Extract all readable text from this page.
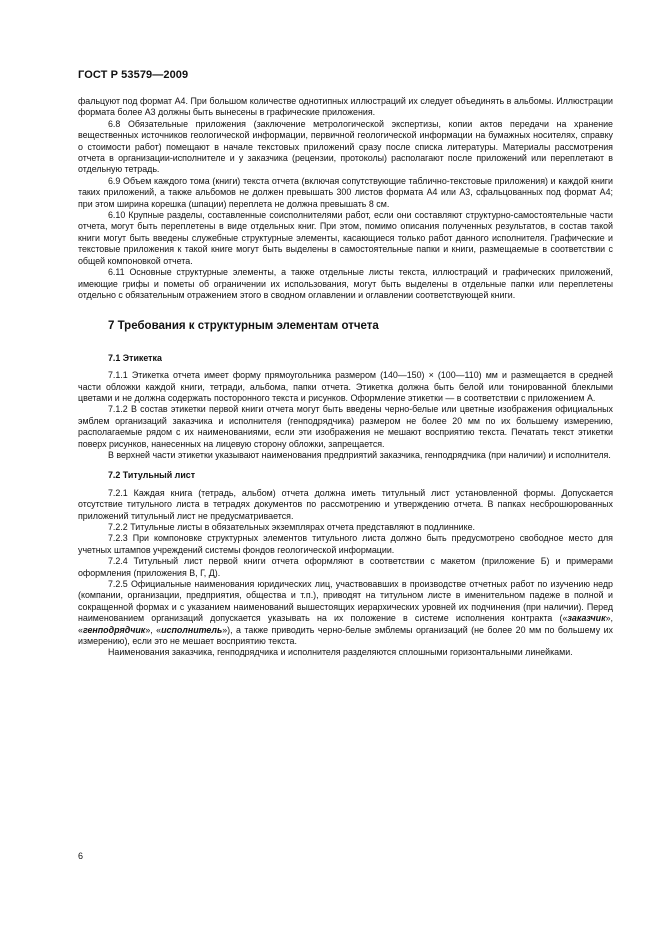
ГОСТ Р 53579—2009

фальцуют под формат А4. При большом количестве однотипных иллюстраций их следует объединять в альбомы. Иллюстрации формата более А3 должны быть вынесены в графические приложения.

6.8 Обязательные приложения (заключение метрологической экспертизы, копии актов передачи на хранение вещественных источников геологической информации, первичной геологической информации на бумажных носителях, справку о стоимости работ) помещают в начале текстовых приложений сразу после списка литературы. Материалы рассмотрения отчета в организации-исполнителе и у заказчика (рецензии, протоколы) располагают после приложений или переплетают в отдельную тетрадь.

6.9 Объем каждого тома (книги) текста отчета (включая сопутствующие таблично-текстовые приложения) и каждой книги таких приложений, а также альбомов не должен превышать 300 листов формата А4 или А3, сфальцованных под формат А4; при этом ширина корешка (шпации) переплета не должна превышать 8 см.

6.10 Крупные разделы, составленные соисполнителями работ, если они составляют структурно-самостоятельные части отчета, могут быть переплетены в виде отдельных книг. При этом, помимо описания полученных результатов, в состав такой книги могут быть введены служебные структурные элементы, касающиеся только работ данного исполнителя. Графические и текстовые приложения к такой книге могут быть выделены в самостоятельные папки и книги, размещаемые в соответствии с общей компоновкой отчета.

6.11 Основные структурные элементы, а также отдельные листы текста, иллюстраций и графических приложений, имеющие грифы и пометы об ограничении их использования, могут быть выделены в отдельные папки или переплетены отдельно с обязательным отражением этого в сводном оглавлении и оглавлении соответствующей книги.

7 Требования к структурным элементам отчета
7.1 Этикетка

7.1.1 Этикетка отчета имеет форму прямоугольника размером (140—150) × (100—110) мм и размещается в средней части обложки каждой книги, тетради, альбома, папки отчета. Этикетка должна быть белой или тонированной блеклыми цветами и не должна содержать посторонного текста и рисунков. Оформление этикетки — в соответствии с приложением А.

7.1.2 В состав этикетки первой книги отчета могут быть введены черно-белые или цветные изображения официальных эмблем организаций заказчика и исполнителя (генподрядчика) размером не более 20 мм по их большему измерению, располагаемые рядом с их наименованиями, если эти изображения не мешают восприятию текста. Печатать текст этикетки поверх рисунков, нанесенных на лицевую сторону обложки, запрещается.

В верхней части этикетки указывают наименования предприятий заказчика, генподрядчика (при наличии) и исполнителя.

7.2 Титульный лист

7.2.1 Каждая книга (тетрадь, альбом) отчета должна иметь титульный лист установленной формы. Допускается отсутствие титульного листа в тетрадях документов по рассмотрению и утверждению отчета. В папках несброшюрованных приложений титульный лист не предусматривается.

7.2.2 Титульные листы в обязательных экземплярах отчета представляют в подлиннике.

7.2.3 При компоновке структурных элементов титульного листа должно быть предусмотрено свободное место для учетных штампов учреждений системы фондов геологической информации.

7.2.4 Титульный лист первой книги отчета оформляют в соответствии с макетом (приложение Б) и примерами оформления (приложения В, Г, Д).

7.2.5 Официальные наименования юридических лиц, участвовавших в производстве отчетных работ по изучению недр (компании, организации, предприятия, общества и т.п.), приводят на титульном листе в именительном падеже в полной и сокращенной формах и с указанием наименований вышестоящих иерархических уровней их подчинения (при наличии). Перед наименованием организаций допускается указывать на их положение в системе исполнения контракта («заказчик», «генподрядчик», «исполнитель»), а также приводить черно-белые эмблемы организаций (не более 20 мм по большему их измерению), если это не мешает восприятию текста.

Наименования заказчика, генподрядчика и исполнителя разделяются сплошными горизонтальными линейками.

6
